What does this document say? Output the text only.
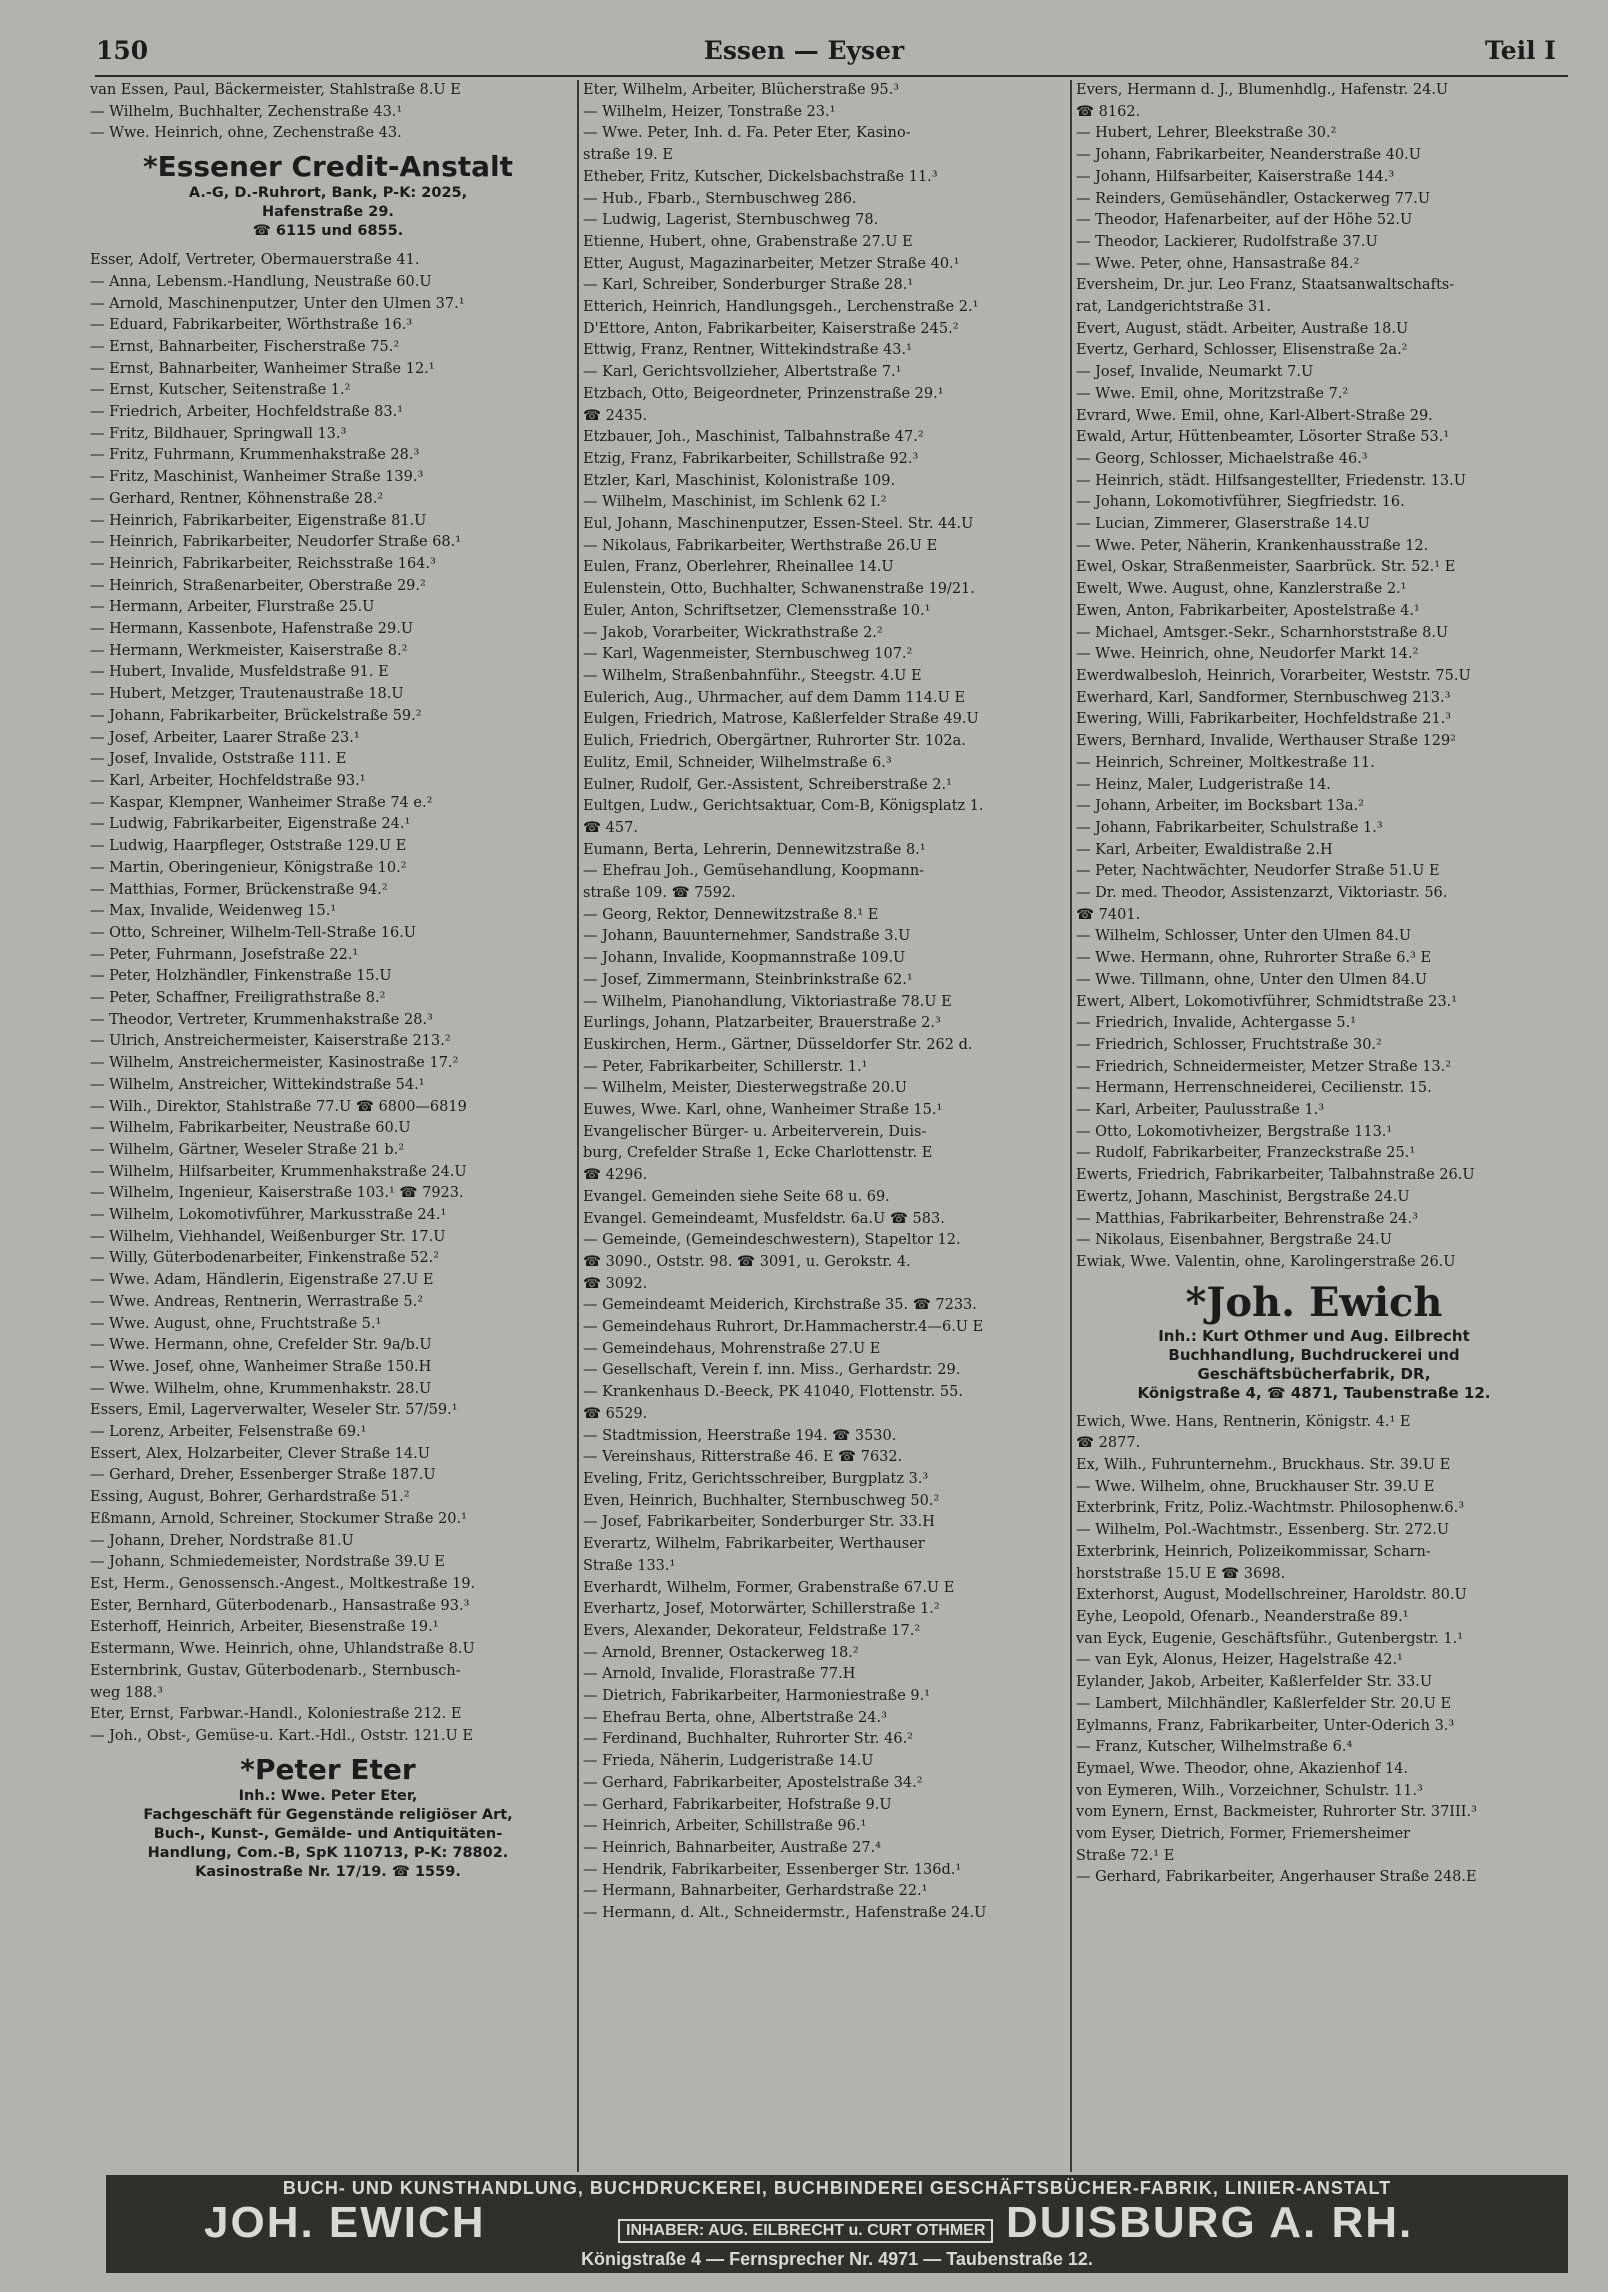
150	Essen — Eyser	Teil I
van Essen, Paul, Bäckermeister, Stahlstraße 8.U E
— Wilhelm, Buchhalter, Zechenstraße 43.¹
— Wwe. Heinrich, ohne, Zechenstraße 43.
*Essener Credit-Anstalt
A.-G, D.-Ruhrort, Bank, P-K: 2025,
Hafenstraße 29.
☎ 6115 und 6855.
Esser, Adolf, Vertreter, Obermauerstraße 41.
— Anna, Lebensm.-Handlung, Neustraße 60.U
— Arnold, Maschinenputzer, Unter den Ulmen 37.¹
— Eduard, Fabrikarbeiter, Wörthstraße 16.³
— Ernst, Bahnarbeiter, Fischerstraße 75.²
— Ernst, Bahnarbeiter, Wanheimer Straße 12.¹
— Ernst, Kutscher, Seitenstraße 1.²
— Friedrich, Arbeiter, Hochfeldstraße 83.¹
— Fritz, Bildhauer, Springwall 13.³
— Fritz, Fuhrmann, Krummenhakstraße 28.³
— Fritz, Maschinist, Wanheimer Straße 139.³
— Gerhard, Rentner, Köhnenstraße 28.²
— Heinrich, Fabrikarbeiter, Eigenstraße 81.U
— Heinrich, Fabrikarbeiter, Neudorfer Straße 68.¹
— Heinrich, Fabrikarbeiter, Reichsstraße 164.³
— Heinrich, Straßenarbeiter, Oberstraße 29.²
— Hermann, Arbeiter, Flurstraße 25.U
— Hermann, Kassenbote, Hafenstraße 29.U
— Hermann, Werkmeister, Kaiserstraße 8.²
— Hubert, Invalide, Musfeldstraße 91. E
— Hubert, Metzger, Trautenaustraße 18.U
— Johann, Fabrikarbeiter, Brückelstraße 59.²
— Josef, Arbeiter, Laarer Straße 23.¹
— Josef, Invalide, Oststraße 111. E
— Karl, Arbeiter, Hochfeldstraße 93.¹
— Kaspar, Klempner, Wanheimer Straße 74 e.²
— Ludwig, Fabrikarbeiter, Eigenstraße 24.¹
— Ludwig, Haarpfleger, Oststraße 129.U E
— Martin, Oberingenieur, Königstraße 10.²
— Matthias, Former, Brückenstraße 94.²
— Max, Invalide, Weidenweg 15.¹
— Otto, Schreiner, Wilhelm-Tell-Straße 16.U
— Peter, Fuhrmann, Josefstraße 22.¹
— Peter, Holzhändler, Finkenstraße 15.U
— Peter, Schaffner, Freiligrathstraße 8.²
— Theodor, Vertreter, Krummenhakstraße 28.³
— Ulrich, Anstreichermeister, Kaiserstraße 213.²
— Wilhelm, Anstreichermeister, Kasinostraße 17.²
— Wilhelm, Anstreicher, Wittekindstraße 54.¹
— Wilh., Direktor, Stahlstraße 77.U ☎ 6800—6819
— Wilhelm, Fabrikarbeiter, Neustraße 60.U
— Wilhelm, Gärtner, Weseler Straße 21 b.²
— Wilhelm, Hilfsarbeiter, Krummenhakstraße 24.U
— Wilhelm, Ingenieur, Kaiserstraße 103.¹ ☎ 7923.
— Wilhelm, Lokomotivführer, Markusstraße 24.¹
— Wilhelm, Viehhandel, Weißenburger Str. 17.U
— Willy, Güterbodenarbeiter, Finkenstraße 52.²
— Wwe. Adam, Händlerin, Eigenstraße 27.U E
— Wwe. Andreas, Rentnerin, Werrastraße 5.²
— Wwe. August, ohne, Fruchtstraße 5.¹
— Wwe. Hermann, ohne, Crefelder Str. 9a/b.U
— Wwe. Josef, ohne, Wanheimer Straße 150.H
— Wwe. Wilhelm, ohne, Krummenhakstr. 28.U
Essers, Emil, Lagerverwalter, Weseler Str. 57/59.¹
— Lorenz, Arbeiter, Felsenstraße 69.¹
Essert, Alex, Holzarbeiter, Clever Straße 14.U
— Gerhard, Dreher, Essenberger Straße 187.U
Essing, August, Bohrer, Gerhardstraße 51.²
Eßmann, Arnold, Schreiner, Stockumer Straße 20.¹
— Johann, Dreher, Nordstraße 81.U
— Johann, Schmiedemeister, Nordstraße 39.U E
Est, Herm., Genossensch.-Angest., Moltkestraße 19.
Ester, Bernhard, Güterbodenarb., Hansastraße 93.³
Esterhoff, Heinrich, Arbeiter, Biesenstraße 19.¹
Estermann, Wwe. Heinrich, ohne, Uhlandstraße 8.U
Esternbrink, Gustav, Güterbodenarb., Sternbusch-
weg 188.³
Eter, Ernst, Farbwar.-Handl., Koloniestraße 212. E
— Joh., Obst-, Gemüse-u. Kart.-Hdl., Oststr. 121.U E
*Peter Eter
Inh.: Wwe. Peter Eter,
Fachgeschäft für Gegenstände religiöser Art,
Buch-, Kunst-, Gemälde- und Antiquitäten-
Handlung, Com.-B, SpK 110713, P-K: 78802.
Kasinostraße Nr. 17/19. ☎ 1559.
Eter, Wilhelm, Arbeiter, Blücherstraße 95.³
— Wilhelm, Heizer, Tonstraße 23.¹
— Wwe. Peter, Inh. d. Fa. Peter Eter, Kasino-
straße 19. E
Etheber, Fritz, Kutscher, Dickelsbachstraße 11.³
— Hub., Fbarb., Sternbuschweg 286.
— Ludwig, Lagerist, Sternbuschweg 78.
Etienne, Hubert, ohne, Grabenstraße 27.U E
Etter, August, Magazinarbeiter, Metzer Straße 40.¹
— Karl, Schreiber, Sonderburger Straße 28.¹
Etterich, Heinrich, Handlungsgeh., Lerchenstraße 2.¹
D'Ettore, Anton, Fabrikarbeiter, Kaiserstraße 245.²
Ettwig, Franz, Rentner, Wittekindstraße 43.¹
— Karl, Gerichtsvollzieher, Albertstraße 7.¹
Etzbach, Otto, Beigeordneter, Prinzenstraße 29.¹
☎ 2435.
Etzbauer, Joh., Maschinist, Talbahnstraße 47.²
Etzig, Franz, Fabrikarbeiter, Schillstraße 92.³
Etzler, Karl, Maschinist, Kolonistraße 109.
— Wilhelm, Maschinist, im Schlenk 62 I.²
Eul, Johann, Maschinenputzer, Essen-Steel. Str. 44.U
— Nikolaus, Fabrikarbeiter, Werthstraße 26.U E
Eulen, Franz, Oberlehrer, Rheinallee 14.U
Eulenstein, Otto, Buchhalter, Schwanenstraße 19/21.
Euler, Anton, Schriftsetzer, Clemensstraße 10.¹
— Jakob, Vorarbeiter, Wickrathstraße 2.²
— Karl, Wagenmeister, Sternbuschweg 107.²
— Wilhelm, Straßenbahnführ., Steegstr. 4.U E
Eulerich, Aug., Uhrmacher, auf dem Damm 114.U E
Eulgen, Friedrich, Matrose, Kaßlerfelder Straße 49.U
Eulich, Friedrich, Obergärtner, Ruhrorter Str. 102a.
Eulitz, Emil, Schneider, Wilhelmstraße 6.³
Eulner, Rudolf, Ger.-Assistent, Schreiberstraße 2.¹
Eultgen, Ludw., Gerichtsaktuar, Com-B, Königsplatz 1.
☎ 457.
Eumann, Berta, Lehrerin, Dennewitzstraße 8.¹
— Ehefrau Joh., Gemüsehandlung, Koopmann-
straße 109. ☎ 7592.
— Georg, Rektor, Dennewitzstraße 8.¹ E
— Johann, Bauunternehmer, Sandstraße 3.U
— Johann, Invalide, Koopmannstraße 109.U
— Josef, Zimmermann, Steinbrinkstraße 62.¹
— Wilhelm, Pianohandlung, Viktoriastraße 78.U E
Eurlings, Johann, Platzarbeiter, Brauerstraße 2.³
Euskirchen, Herm., Gärtner, Düsseldorfer Str. 262 d.
— Peter, Fabrikarbeiter, Schillerstr. 1.¹
— Wilhelm, Meister, Diesterwegstraße 20.U
Euwes, Wwe. Karl, ohne, Wanheimer Straße 15.¹
Evangelischer Bürger- u. Arbeiterverein, Duis-
burg, Crefelder Straße 1, Ecke Charlottenstr. E
☎ 4296.
Evangel. Gemeinden siehe Seite 68 u. 69.
Evangel. Gemeindeamt, Musfeldstr. 6a.U ☎ 583.
— Gemeinde, (Gemeindeschwestern), Stapeltor 12.
☎ 3090., Oststr. 98. ☎ 3091, u. Gerokstr. 4.
☎ 3092.
— Gemeindeamt Meiderich, Kirchstraße 35. ☎ 7233.
— Gemeindehaus Ruhrort, Dr.Hammacherstr.4—6.U E
— Gemeindehaus, Mohrenstraße 27.U E
— Gesellschaft, Verein f. inn. Miss., Gerhardstr. 29.
— Krankenhaus D.-Beeck, PK 41040, Flottenstr. 55.
☎ 6529.
— Stadtmission, Heerstraße 194. ☎ 3530.
— Vereinshaus, Ritterstraße 46. E ☎ 7632.
Eveling, Fritz, Gerichtsschreiber, Burgplatz 3.³
Even, Heinrich, Buchhalter, Sternbuschweg 50.²
— Josef, Fabrikarbeiter, Sonderburger Str. 33.H
Everartz, Wilhelm, Fabrikarbeiter, Werthauser
Straße 133.¹
Everhardt, Wilhelm, Former, Grabenstraße 67.U E
Everhartz, Josef, Motorwärter, Schillerstraße 1.²
Evers, Alexander, Dekorateur, Feldstraße 17.²
— Arnold, Brenner, Ostackerweg 18.²
— Arnold, Invalide, Florastraße 77.H
— Dietrich, Fabrikarbeiter, Harmoniestraße 9.¹
— Ehefrau Berta, ohne, Albertstraße 24.³
— Ferdinand, Buchhalter, Ruhrorter Str. 46.²
— Frieda, Näherin, Ludgeristraße 14.U
— Gerhard, Fabrikarbeiter, Apostelstraße 34.²
— Gerhard, Fabrikarbeiter, Hofstraße 9.U
— Heinrich, Arbeiter, Schillstraße 96.¹
— Heinrich, Bahnarbeiter, Austraße 27.⁴
— Hendrik, Fabrikarbeiter, Essenberger Str. 136d.¹
— Hermann, Bahnarbeiter, Gerhardstraße 22.¹
— Hermann, d. Alt., Schneidermstr., Hafenstraße 24.U
Evers, Hermann d. J., Blumenhdlg., Hafenstr. 24.U
☎ 8162.
— Hubert, Lehrer, Bleekstraße 30.²
— Johann, Fabrikarbeiter, Neanderstraße 40.U
— Johann, Hilfsarbeiter, Kaiserstraße 144.³
— Reinders, Gemüsehändler, Ostackerweg 77.U
— Theodor, Hafenarbeiter, auf der Höhe 52.U
— Theodor, Lackierer, Rudolfstraße 37.U
— Wwe. Peter, ohne, Hansastraße 84.²
Eversheim, Dr. jur. Leo Franz, Staatsanwaltschafts-
rat, Landgerichtstraße 31.
Evert, August, städt. Arbeiter, Austraße 18.U
Evertz, Gerhard, Schlosser, Elisenstraße 2a.²
— Josef, Invalide, Neumarkt 7.U
— Wwe. Emil, ohne, Moritzstraße 7.²
Evrard, Wwe. Emil, ohne, Karl-Albert-Straße 29.
Ewald, Artur, Hüttenbeamter, Lösorter Straße 53.¹
— Georg, Schlosser, Michaelstraße 46.³
— Heinrich, städt. Hilfsangestellter, Friedenstr. 13.U
— Johann, Lokomotivführer, Siegfriedstr. 16.
— Lucian, Zimmerer, Glaserstraße 14.U
— Wwe. Peter, Näherin, Krankenhausstraße 12.
Ewel, Oskar, Straßenmeister, Saarbrück. Str. 52.¹ E
Ewelt, Wwe. August, ohne, Kanzlerstraße 2.¹
Ewen, Anton, Fabrikarbeiter, Apostelstraße 4.¹
— Michael, Amtsger.-Sekr., Scharnhorststraße 8.U
— Wwe. Heinrich, ohne, Neudorfer Markt 14.²
Ewerdwalbesloh, Heinrich, Vorarbeiter, Weststr. 75.U
Ewerhard, Karl, Sandformer, Sternbuschweg 213.³
Ewering, Willi, Fabrikarbeiter, Hochfeldstraße 21.³
Ewers, Bernhard, Invalide, Werthauser Straße 129²
— Heinrich, Schreiner, Moltkestraße 11.
— Heinz, Maler, Ludgeristraße 14.
— Johann, Arbeiter, im Bocksbart 13a.²
— Johann, Fabrikarbeiter, Schulstraße 1.³
— Karl, Arbeiter, Ewaldistraße 2.H
— Peter, Nachtwächter, Neudorfer Straße 51.U E
— Dr. med. Theodor, Assistenzarzt, Viktoriastr. 56.
☎ 7401.
— Wilhelm, Schlosser, Unter den Ulmen 84.U
— Wwe. Hermann, ohne, Ruhrorter Straße 6.³ E
— Wwe. Tillmann, ohne, Unter den Ulmen 84.U
Ewert, Albert, Lokomotivführer, Schmidtstraße 23.¹
— Friedrich, Invalide, Achtergasse 5.¹
— Friedrich, Schlosser, Fruchtstraße 30.²
— Friedrich, Schneidermeister, Metzer Straße 13.²
— Hermann, Herrenschneiderei, Cecilienstr. 15.
— Karl, Arbeiter, Paulusstraße 1.³
— Otto, Lokomotivheizer, Bergstraße 113.¹
— Rudolf, Fabrikarbeiter, Franzeckstraße 25.¹
Ewerts, Friedrich, Fabrikarbeiter, Talbahnstraße 26.U
Ewertz, Johann, Maschinist, Bergstraße 24.U
— Matthias, Fabrikarbeiter, Behrenstraße 24.³
— Nikolaus, Eisenbahner, Bergstraße 24.U
Ewiak, Wwe. Valentin, ohne, Karolingerstraße 26.U
*Joh. Ewich
Inh.: Kurt Othmer und Aug. Eilbrecht
Buchhandlung, Buchdruckerei und
Geschäftsbücherfabrik, DR,
Königstraße 4, ☎ 4871, Taubenstraße 12.
Ewich, Wwe. Hans, Rentnerin, Königstr. 4.¹ E
☎ 2877.
Ex, Wilh., Fuhrunternehm., Bruckhaus. Str. 39.U E
— Wwe. Wilhelm, ohne, Bruckhauser Str. 39.U E
Exterbrink, Fritz, Poliz.-Wachtmstr. Philosophenw.6.³
— Wilhelm, Pol.-Wachtmstr., Essenberg. Str. 272.U
Exterbrink, Heinrich, Polizeikommissar, Scharn-
horststraße 15.U E ☎ 3698.
Exterhorst, August, Modellschreiner, Haroldstr. 80.U
Eyhe, Leopold, Ofenarb., Neanderstraße 89.¹
van Eyck, Eugenie, Geschäftsführ., Gutenbergstr. 1.¹
— van Eyk, Alonus, Heizer, Hagelstraße 42.¹
Eylander, Jakob, Arbeiter, Kaßlerfelder Str. 33.U
— Lambert, Milchhändler, Kaßlerfelder Str. 20.U E
Eylmanns, Franz, Fabrikarbeiter, Unter-Oderich 3.³
— Franz, Kutscher, Wilhelmstraße 6.⁴
Eymael, Wwe. Theodor, ohne, Akazienhof 14.
von Eymeren, Wilh., Vorzeichner, Schulstr. 11.³
vom Eynern, Ernst, Backmeister, Ruhrorter Str. 37III.³
vom Eyser, Dietrich, Former, Friemersheimer
Straße 72.¹ E
— Gerhard, Fabrikarbeiter, Angerhauser Straße 248.E
BUCH- UND KUNSTHANDLUNG, BUCHDRUCKEREI, BUCHBINDEREI GESCHÄFTSBÜCHER-FABRIK, LINIIER-ANSTALT
JOH. EWICH	INHABER: AUG. EILBRECHT u. CURT OTHMER DUISBURG A. RH.
Königstraße 4 — Fernsprecher Nr. 4971 — Taubenstraße 12.
